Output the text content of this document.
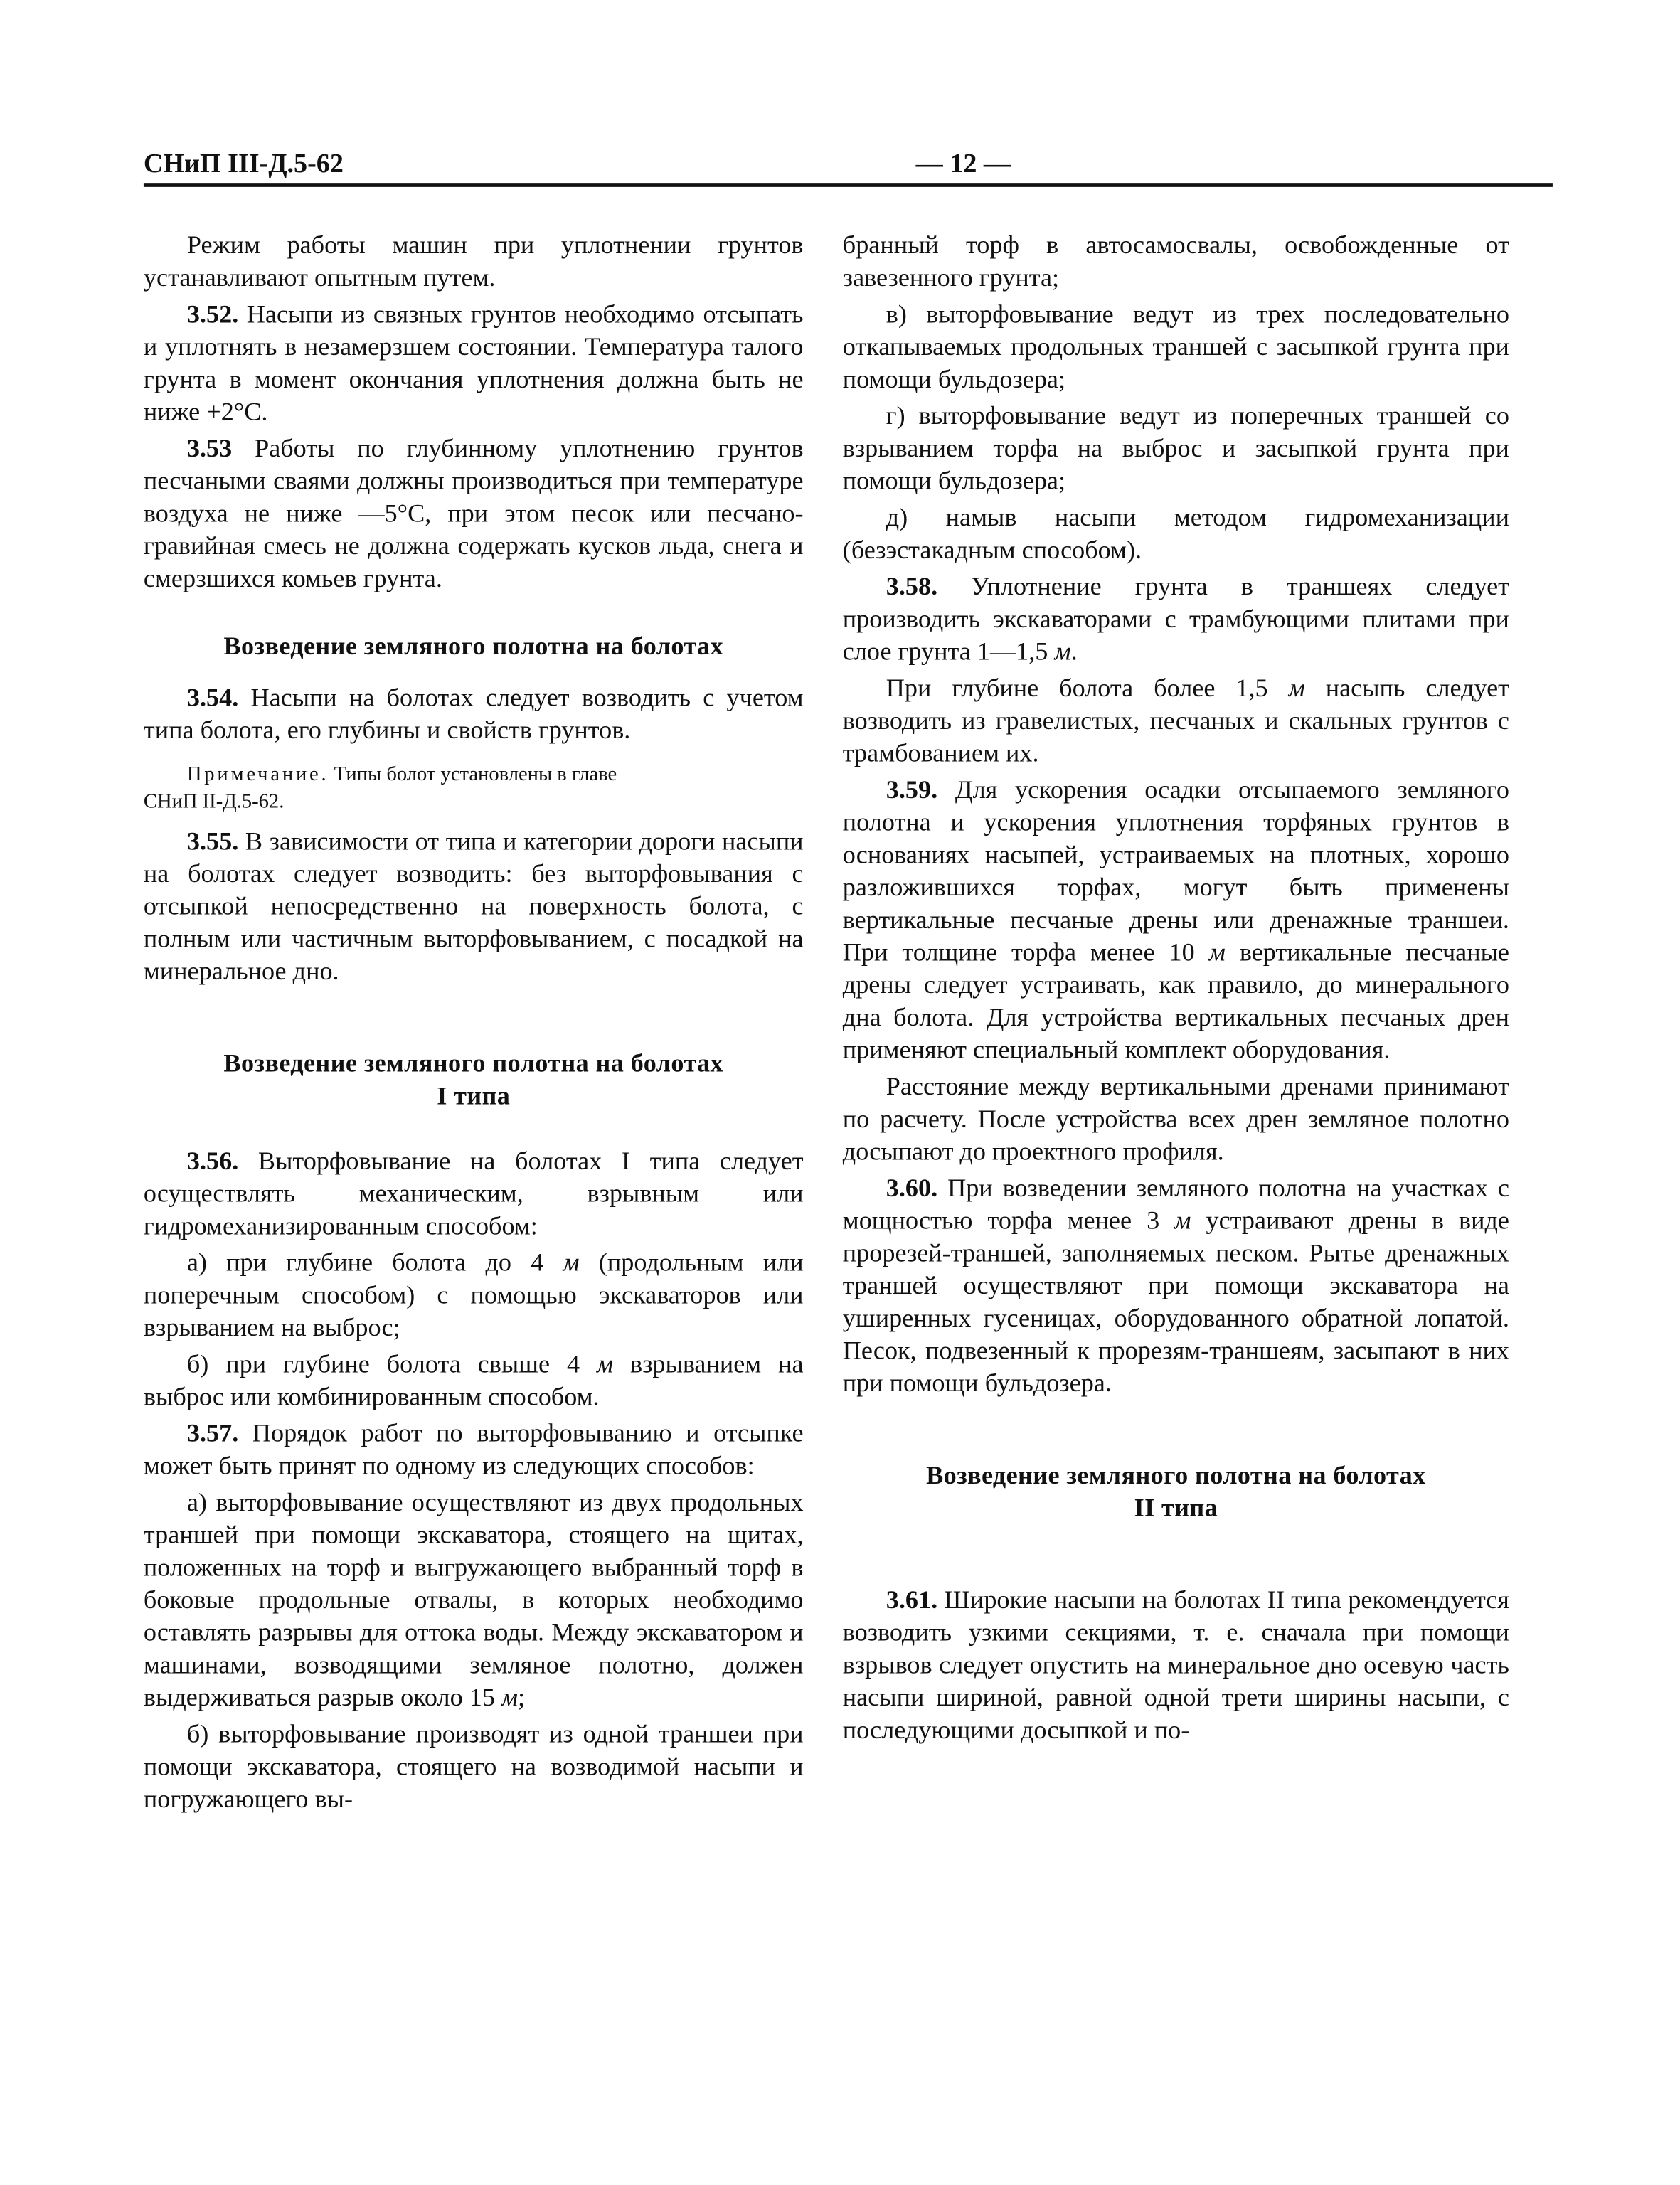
СНиП III-Д.5-62	— 12 —

Режим работы машин при уплотнении грунтов устанавливают опытным путем.

3.52. Насыпи из связных грунтов необходимо отсыпать и уплотнять в незамерзшем состоянии. Температура талого грунта в момент окончания уплотнения должна быть не ниже +2°С.

3.53 Работы по глубинному уплотнению грунтов песчаными сваями должны производиться при температуре воздуха не ниже —5°С, при этом песок или песчано-гравийная смесь не должна содержать кусков льда, снега и смерзшихся комьев грунта.

Возведение земляного полотна на болотах

3.54. Насыпи на болотах следует возводить с учетом типа болота, его глубины и свойств грунтов.

Примечание. Типы болот установлены в главе
СНиП II-Д.5-62.

3.55. В зависимости от типа и категории дороги насыпи на болотах следует возводить: без выторфовывания с отсыпкой непосредственно на поверхность болота, с полным или частичным выторфовыванием, с посадкой на минеральное дно.

Возведение земляного полотна на болотах
I типа

3.56. Выторфовывание на болотах I типа следует осуществлять механическим, взрывным или гидромеханизированным способом:

а) при глубине болота до 4 м (продольным или поперечным способом) с помощью экскаваторов или взрыванием на выброс;

б) при глубине болота свыше 4 м взрыванием на выброс или комбинированным способом.

3.57. Порядок работ по выторфовыванию и отсыпке может быть принят по одному из следующих способов:

а) выторфовывание осуществляют из двух продольных траншей при помощи экскаватора, стоящего на щитах, положенных на торф и выгружающего выбранный торф в боковые продольные отвалы, в которых необходимо оставлять разрывы для оттока воды. Между экскаватором и машинами, возводящими земляное полотно, должен выдерживаться разрыв около 15 м;

б) выторфовывание производят из одной траншеи при помощи экскаватора, стоящего на возводимой насыпи и погружающего вы-

бранный торф в автосамосвалы, освобожденные от завезенного грунта;

в) выторфовывание ведут из трех последовательно откапываемых продольных траншей с засыпкой грунта при помощи бульдозера;

г) выторфовывание ведут из поперечных траншей со взрыванием торфа на выброс и засыпкой грунта при помощи бульдозера;

д) намыв насыпи методом гидромеханизации (безэстакадным способом).

3.58. Уплотнение грунта в траншеях следует производить экскаваторами с трамбующими плитами при слое грунта 1—1,5 м.

При глубине болота более 1,5 м насыпь следует возводить из гравелистых, песчаных и скальных грунтов с трамбованием их.

3.59. Для ускорения осадки отсыпаемого земляного полотна и ускорения уплотнения торфяных грунтов в основаниях насыпей, устраиваемых на плотных, хорошо разложившихся торфах, могут быть применены вертикальные песчаные дрены или дренажные траншеи. При толщине торфа менее 10 м вертикальные песчаные дрены следует устраивать, как правило, до минерального дна болота. Для устройства вертикальных песчаных дрен применяют специальный комплект оборудования.

Расстояние между вертикальными дренами принимают по расчету. После устройства всех дрен земляное полотно досыпают до проектного профиля.

3.60. При возведении земляного полотна на участках с мощностью торфа менее 3 м устраивают дрены в виде прорезей-траншей, заполняемых песком. Рытье дренажных траншей осуществляют при помощи экскаватора на уширенных гусеницах, оборудованного обратной лопатой. Песок, подвезенный к прорезям-траншеям, засыпают в них при помощи бульдозера.

Возведение земляного полотна на болотах
II типа

3.61. Широкие насыпи на болотах II типа рекомендуется возводить узкими секциями, т. е. сначала при помощи взрывов следует опустить на минеральное дно осевую часть насыпи шириной, равной одной трети ширины насыпи, с последующими досыпкой и по-
